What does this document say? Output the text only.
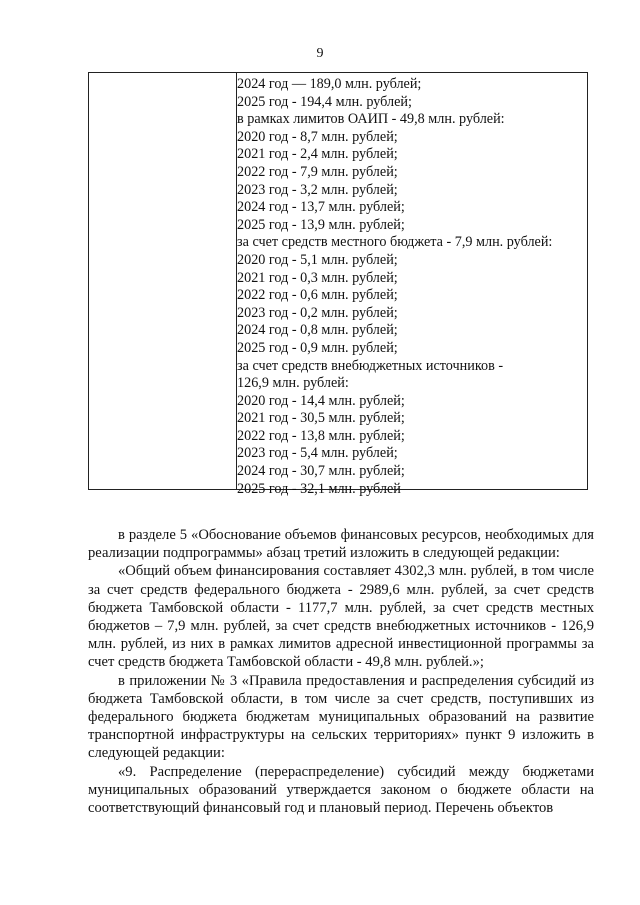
9
2024 год — 189,0 млн. рублей;
2025 год - 194,4 млн. рублей;
в рамках лимитов ОАИП - 49,8 млн. рублей:
2020 год - 8,7 млн. рублей;
2021 год - 2,4 млн. рублей;
2022 год - 7,9 млн. рублей;
2023 год - 3,2 млн. рублей;
2024 год - 13,7 млн. рублей;
2025 год - 13,9 млн. рублей;
за счет средств местного бюджета - 7,9 млн. рублей:
2020 год - 5,1 млн. рублей;
2021 год - 0,3 млн. рублей;
2022 год - 0,6 млн. рублей;
2023 год - 0,2 млн. рублей;
2024 год - 0,8 млн. рублей;
2025 год - 0,9 млн. рублей;
за счет средств внебюджетных источников -
126,9 млн. рублей:
2020 год - 14,4 млн. рублей;
2021 год - 30,5 млн. рублей;
2022 год - 13,8 млн. рублей;
2023 год - 5,4 млн. рублей;
2024 год - 30,7 млн. рублей;
2025 год - 32,1 млн. рублей

в разделе 5 «Обоснование объемов финансовых ресурсов, необходимых для реализации подпрограммы» абзац третий изложить в следующей редакции:

«Общий объем финансирования составляет 4302,3 млн. рублей, в том числе за счет средств федерального бюджета - 2989,6 млн. рублей, за счет средств бюджета Тамбовской области - 1177,7 млн. рублей, за счет средств местных бюджетов – 7,9 млн. рублей, за счет средств внебюджетных источников - 126,9 млн. рублей, из них в рамках лимитов адресной инвестиционной программы за счет средств бюджета Тамбовской области - 49,8 млн. рублей.»;

в приложении № 3 «Правила предоставления и распределения субсидий из бюджета Тамбовской области, в том числе за счет средств, поступивших из федерального бюджета бюджетам муниципальных образований на развитие транспортной инфраструктуры на сельских территориях» пункт 9 изложить в следующей редакции:

«9. Распределение (перераспределение) субсидий между бюджетами муниципальных образований утверждается законом о бюджете области на соответствующий финансовый год и плановый период. Перечень объектов
